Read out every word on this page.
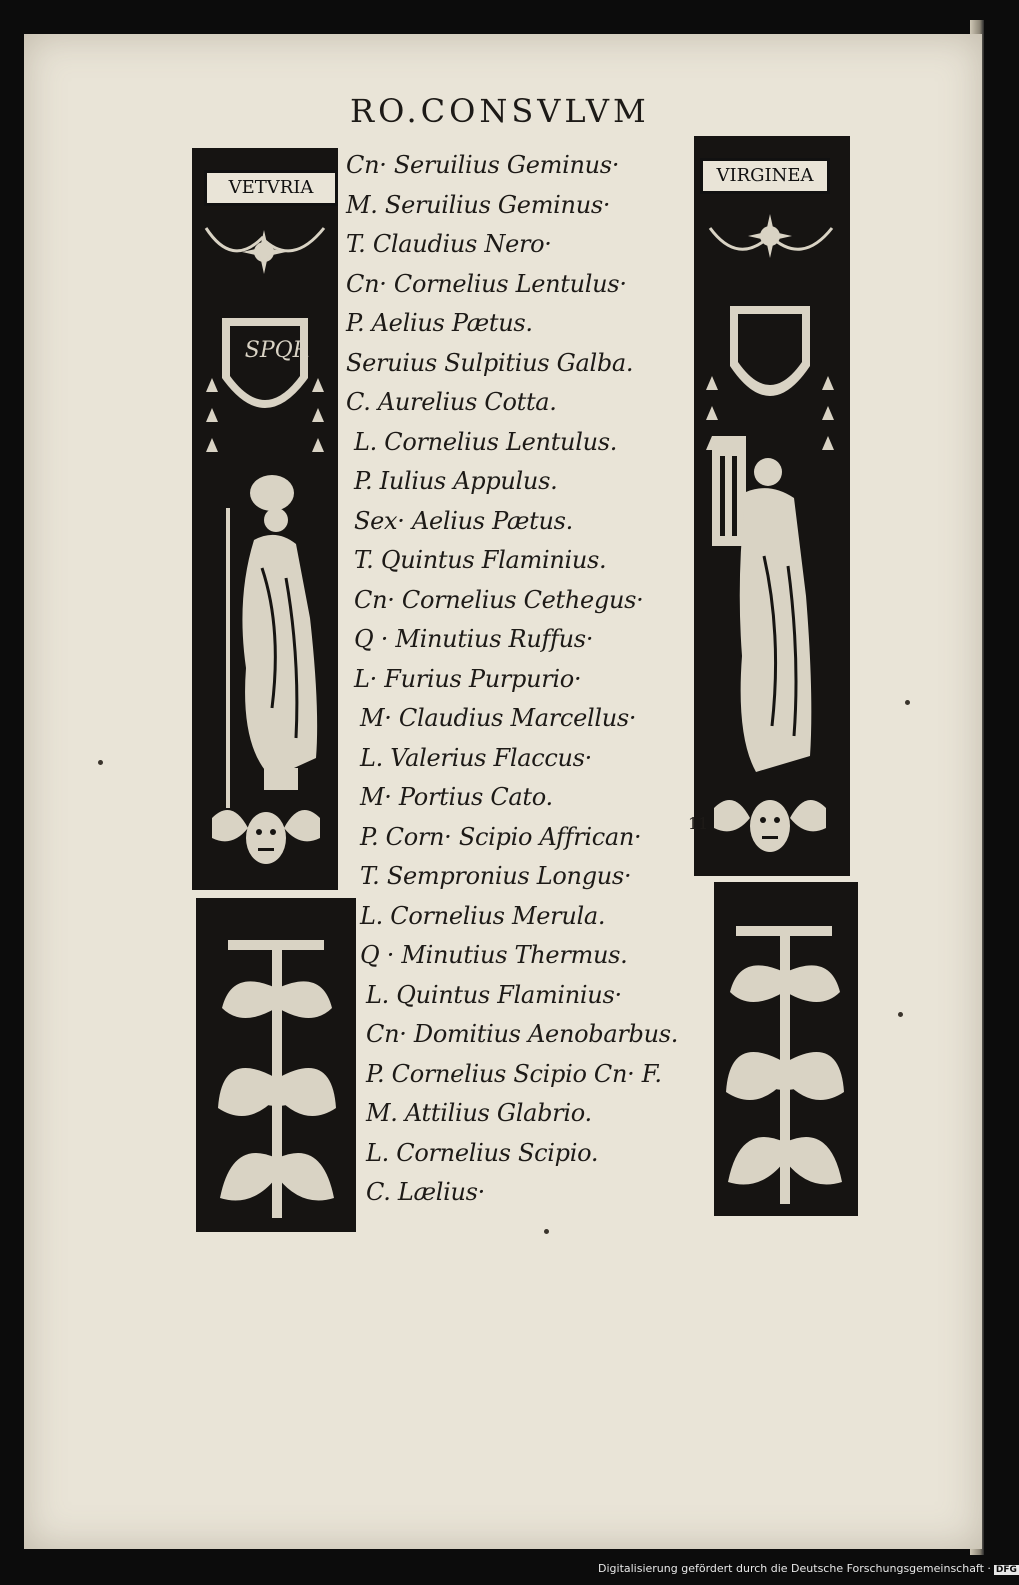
RO.CONSVLVM
VETVRIA
SPQR
VIRGINEA
Cn· Seruilius Geminus·
M. Seruilius Geminus·
T. Claudius Nero·
Cn· Cornelius Lentulus·
P. Aelius Pætus.
Seruius Sulpitius Galba.
C. Aurelius Cotta.
L. Cornelius Lentulus.
P. Iulius Appulus.
Sex· Aelius Pætus.
T. Quintus Flaminius.
Cn· Cornelius Cethegus·
Q · Minutius Ruffus·
L· Furius Purpurio·
M· Claudius Marcellus·
L. Valerius Flaccus·
M· Portius Cato.
P. Corn· Scipio Affrican·
T. Sempronius Longus·
L. Cornelius Merula.
Q · Minutius Thermus.
L. Quintus Flaminius·
Cn· Domitius Aenobarbus.
P. Cornelius Scipio Cn· F.
M. Attilius Glabrio.
L. Cornelius Scipio.
C. Lælius·
11
Digitalisierung gefördert durch die Deutsche Forschungsgemeinschaft · DFG
